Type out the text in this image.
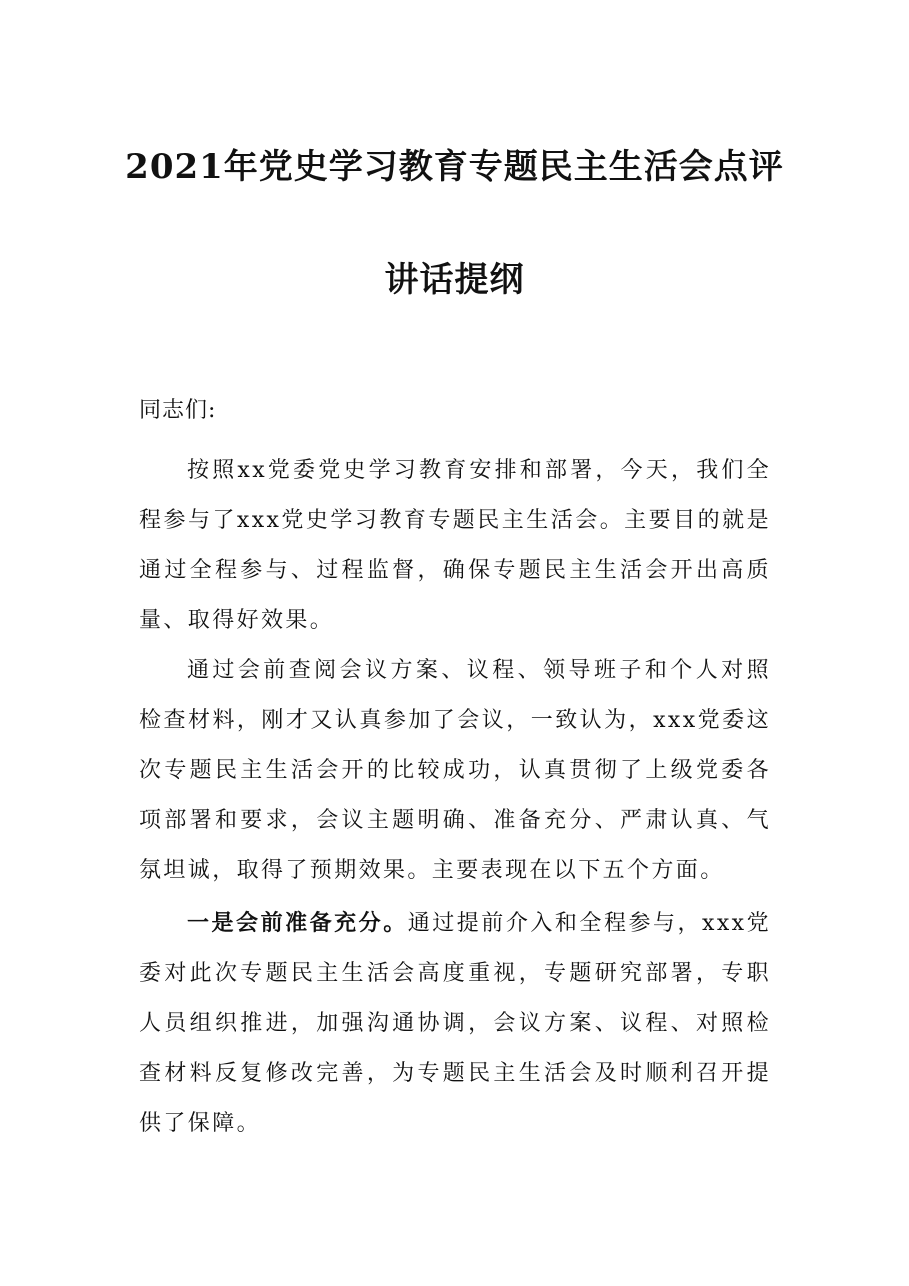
2021年党史学习教育专题民主生活会点评
讲话提纲
同志们:

按照xx党委党史学习教育安排和部署，今天，我们全程参与了xxx党史学习教育专题民主生活会。主要目的就是通过全程参与、过程监督，确保专题民主生活会开出高质量、取得好效果。

通过会前查阅会议方案、议程、领导班子和个人对照检查材料，刚才又认真参加了会议，一致认为，xxx党委这次专题民主生活会开的比较成功，认真贯彻了上级党委各项部署和要求，会议主题明确、准备充分、严肃认真、气氛坦诚，取得了预期效果。主要表现在以下五个方面。

一是会前准备充分。通过提前介入和全程参与，xxx党委对此次专题民主生活会高度重视，专题研究部署，专职人员组织推进，加强沟通协调，会议方案、议程、对照检查材料反复修改完善，为专题民主生活会及时顺利召开提供了保障。
